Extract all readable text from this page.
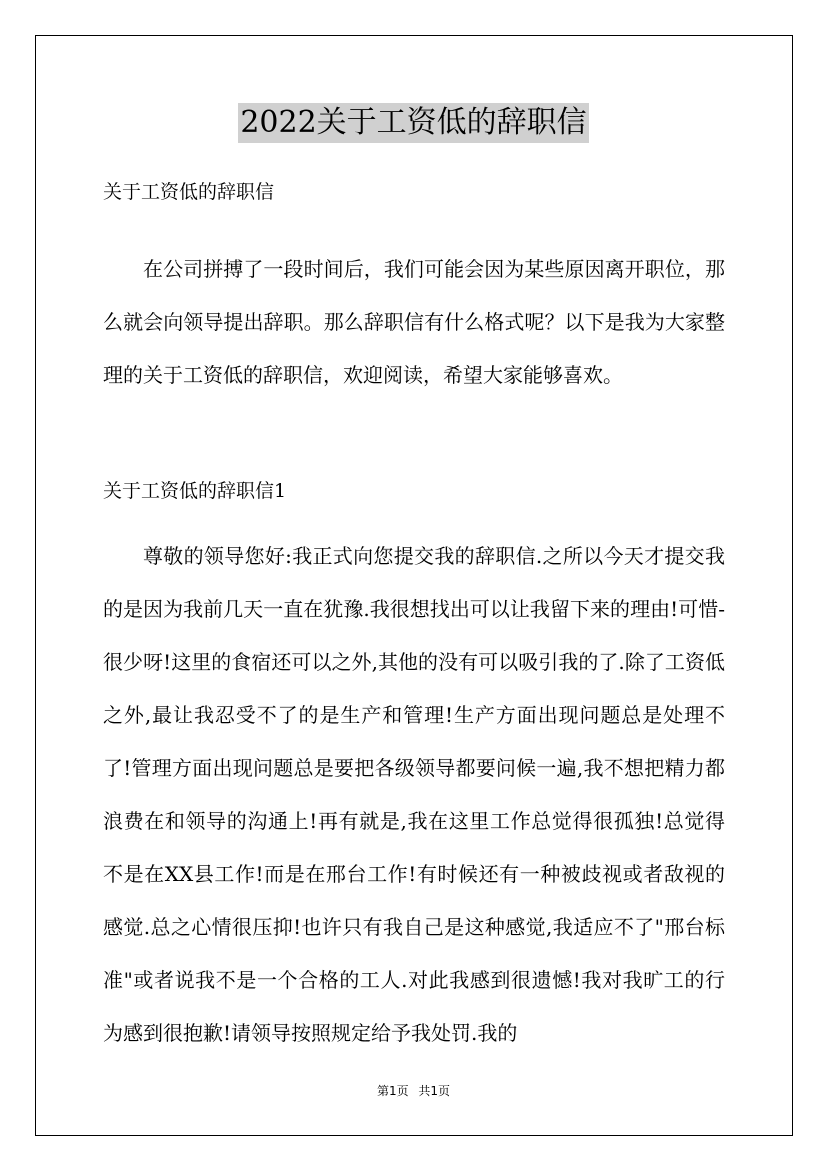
2022关于工资低的辞职信

关于工资低的辞职信

在公司拼搏了一段时间后，我们可能会因为某些原因离开职位，那么就会向领导提出辞职。那么辞职信有什么格式呢？以下是我为大家整理的关于工资低的辞职信，欢迎阅读，希望大家能够喜欢。

关于工资低的辞职信1

尊敬的领导您好:我正式向您提交我的辞职信.之所以今天才提交我的是因为我前几天一直在犹豫.我很想找出可以让我留下来的理由!可惜-很少呀!这里的食宿还可以之外,其他的没有可以吸引我的了.除了工资低之外,最让我忍受不了的是生产和管理!生产方面出现问题总是处理不了!管理方面出现问题总是要把各级领导都要问候一遍,我不想把精力都浪费在和领导的沟通上!再有就是,我在这里工作总觉得很孤独!总觉得不是在XX县工作!而是在邢台工作!有时候还有一种被歧视或者敌视的感觉.总之心情很压抑!也许只有我自己是这种感觉,我适应不了"邢台标准"或者说我不是一个合格的工人.对此我感到很遗憾!我对我旷工的行为感到很抱歉!请领导按照规定给予我处罚.我的

第1页 共1页
